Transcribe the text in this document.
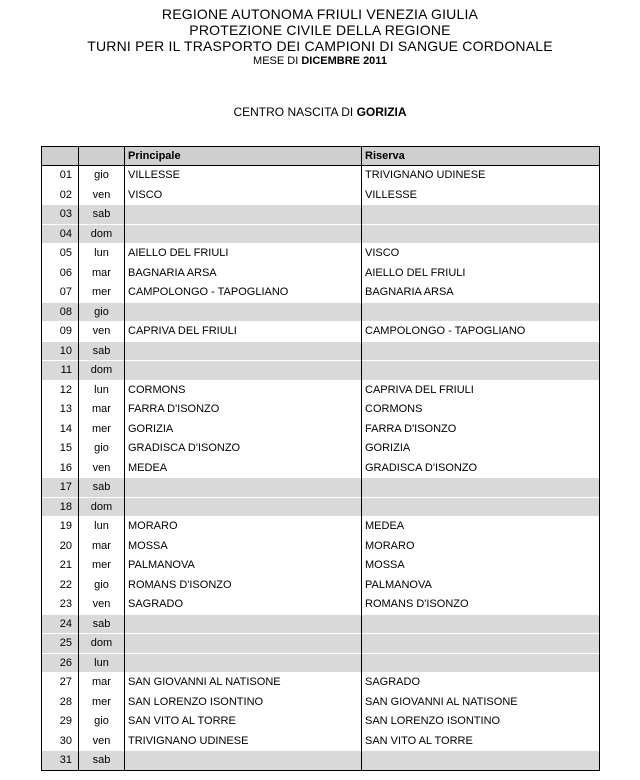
REGIONE AUTONOMA FRIULI VENEZIA GIULIA
PROTEZIONE CIVILE DELLA REGIONE
TURNI PER IL TRASPORTO DEI CAMPIONI DI SANGUE CORDONALE
MESE DI DICEMBRE 2011
CENTRO NASCITA DI GORIZIA
		Principale	Riserva
01	gio	VILLESSE	TRIVIGNANO UDINESE
02	ven	VISCO	VILLESSE
03	sab		
04	dom		
05	lun	AIELLO DEL FRIULI	VISCO
06	mar	BAGNARIA ARSA	AIELLO DEL FRIULI
07	mer	CAMPOLONGO - TAPOGLIANO	BAGNARIA ARSA
08	gio		
09	ven	CAPRIVA DEL FRIULI	CAMPOLONGO - TAPOGLIANO
10	sab		
11	dom		
12	lun	CORMONS	CAPRIVA DEL FRIULI
13	mar	FARRA D'ISONZO	CORMONS
14	mer	GORIZIA	FARRA D'ISONZO
15	gio	GRADISCA D'ISONZO	GORIZIA
16	ven	MEDEA	GRADISCA D'ISONZO
17	sab		
18	dom		
19	lun	MORARO	MEDEA
20	mar	MOSSA	MORARO
21	mer	PALMANOVA	MOSSA
22	gio	ROMANS D'ISONZO	PALMANOVA
23	ven	SAGRADO	ROMANS D'ISONZO
24	sab		
25	dom		
26	lun		
27	mar	SAN GIOVANNI AL NATISONE	SAGRADO
28	mer	SAN LORENZO ISONTINO	SAN GIOVANNI AL NATISONE
29	gio	SAN VITO AL TORRE	SAN LORENZO ISONTINO
30	ven	TRIVIGNANO UDINESE	SAN VITO AL TORRE
31	sab		
